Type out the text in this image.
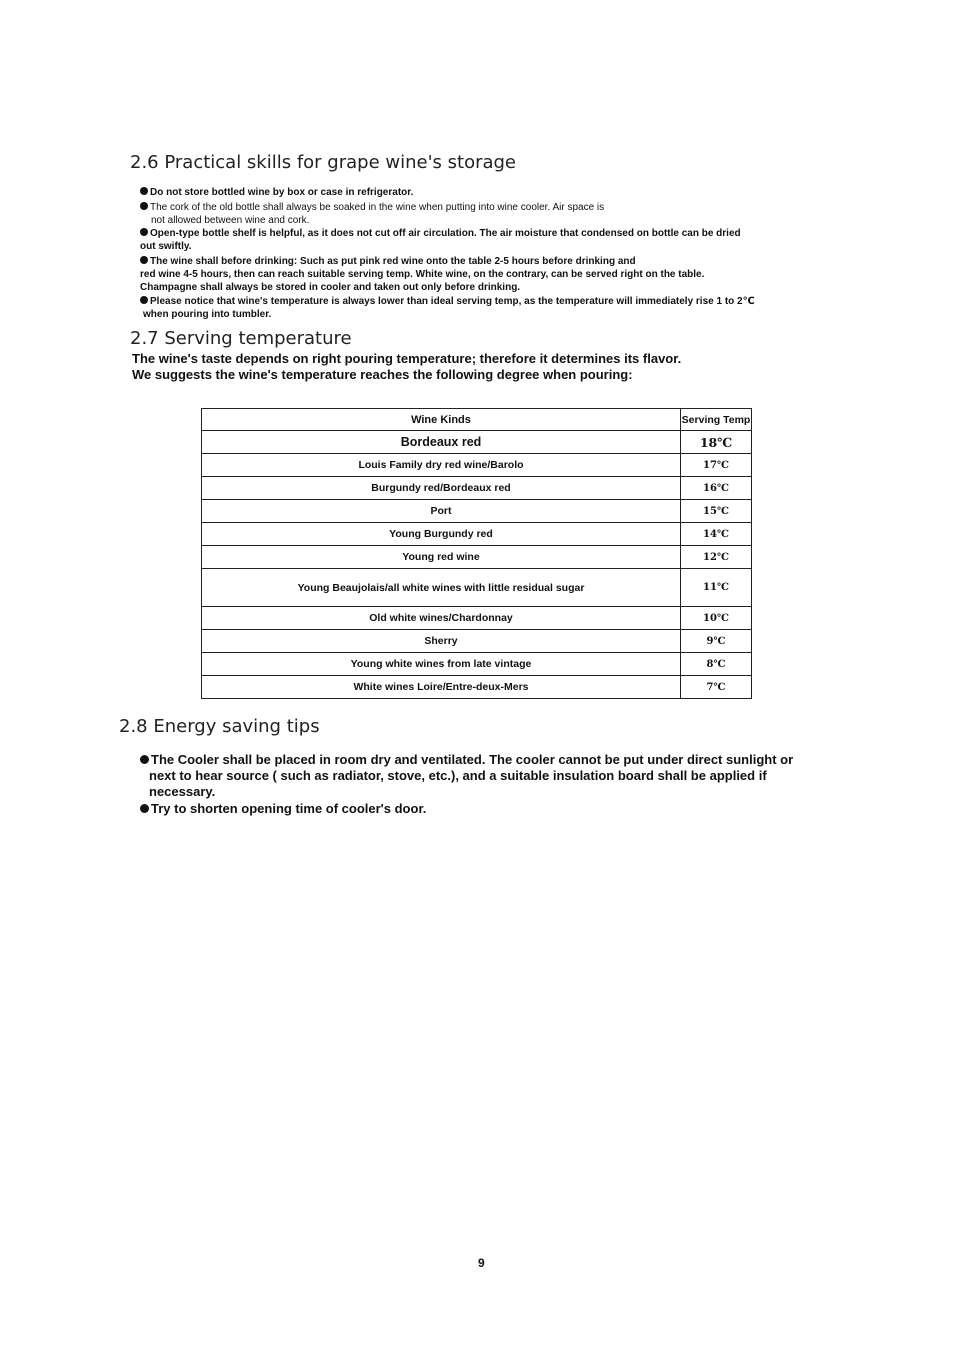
2.6 Practical skills for grape wine's storage
Do not store bottled wine by box or case in refrigerator.
The cork of the old bottle shall always be soaked in the wine when putting into wine cooler. Air space is
not allowed between wine and cork.
Open-type bottle shelf is helpful, as it does not cut off air circulation. The air moisture that condensed on bottle can be dried
out swiftly.
The wine shall before drinking: Such as put pink red wine onto the table 2-5 hours before drinking and
red wine 4-5 hours, then can reach suitable serving temp. White wine, on the contrary, can be served right on the table.
Champagne shall always be stored in cooler and taken out only before drinking.
Please notice that wine's temperature is always lower than ideal serving temp, as the temperature will immediately rise 1 to 2℃
when pouring into tumbler.
2.7 Serving temperature
The wine's taste depends on right pouring temperature; therefore it determines its flavor.
We suggests the wine's temperature reaches the following degree when pouring:
Wine Kinds	Serving Temp
Bordeaux red	18℃
Louis Family dry red wine/Barolo	17℃
Burgundy red/Bordeaux red	16℃
Port	15℃
Young Burgundy red	14℃
Young red wine	12℃
Young Beaujolais/all white wines with little residual sugar	11℃
Old white wines/Chardonnay	10℃
Sherry	9℃
Young white wines from late vintage	8℃
White wines Loire/Entre-deux-Mers	7℃
2.8 Energy saving tips
The Cooler shall be placed in room dry and ventilated. The cooler cannot be put under direct sunlight or
next to hear source ( such as radiator, stove, etc.), and a suitable insulation board shall be applied if
necessary.
Try to shorten opening time of cooler's door.
9
